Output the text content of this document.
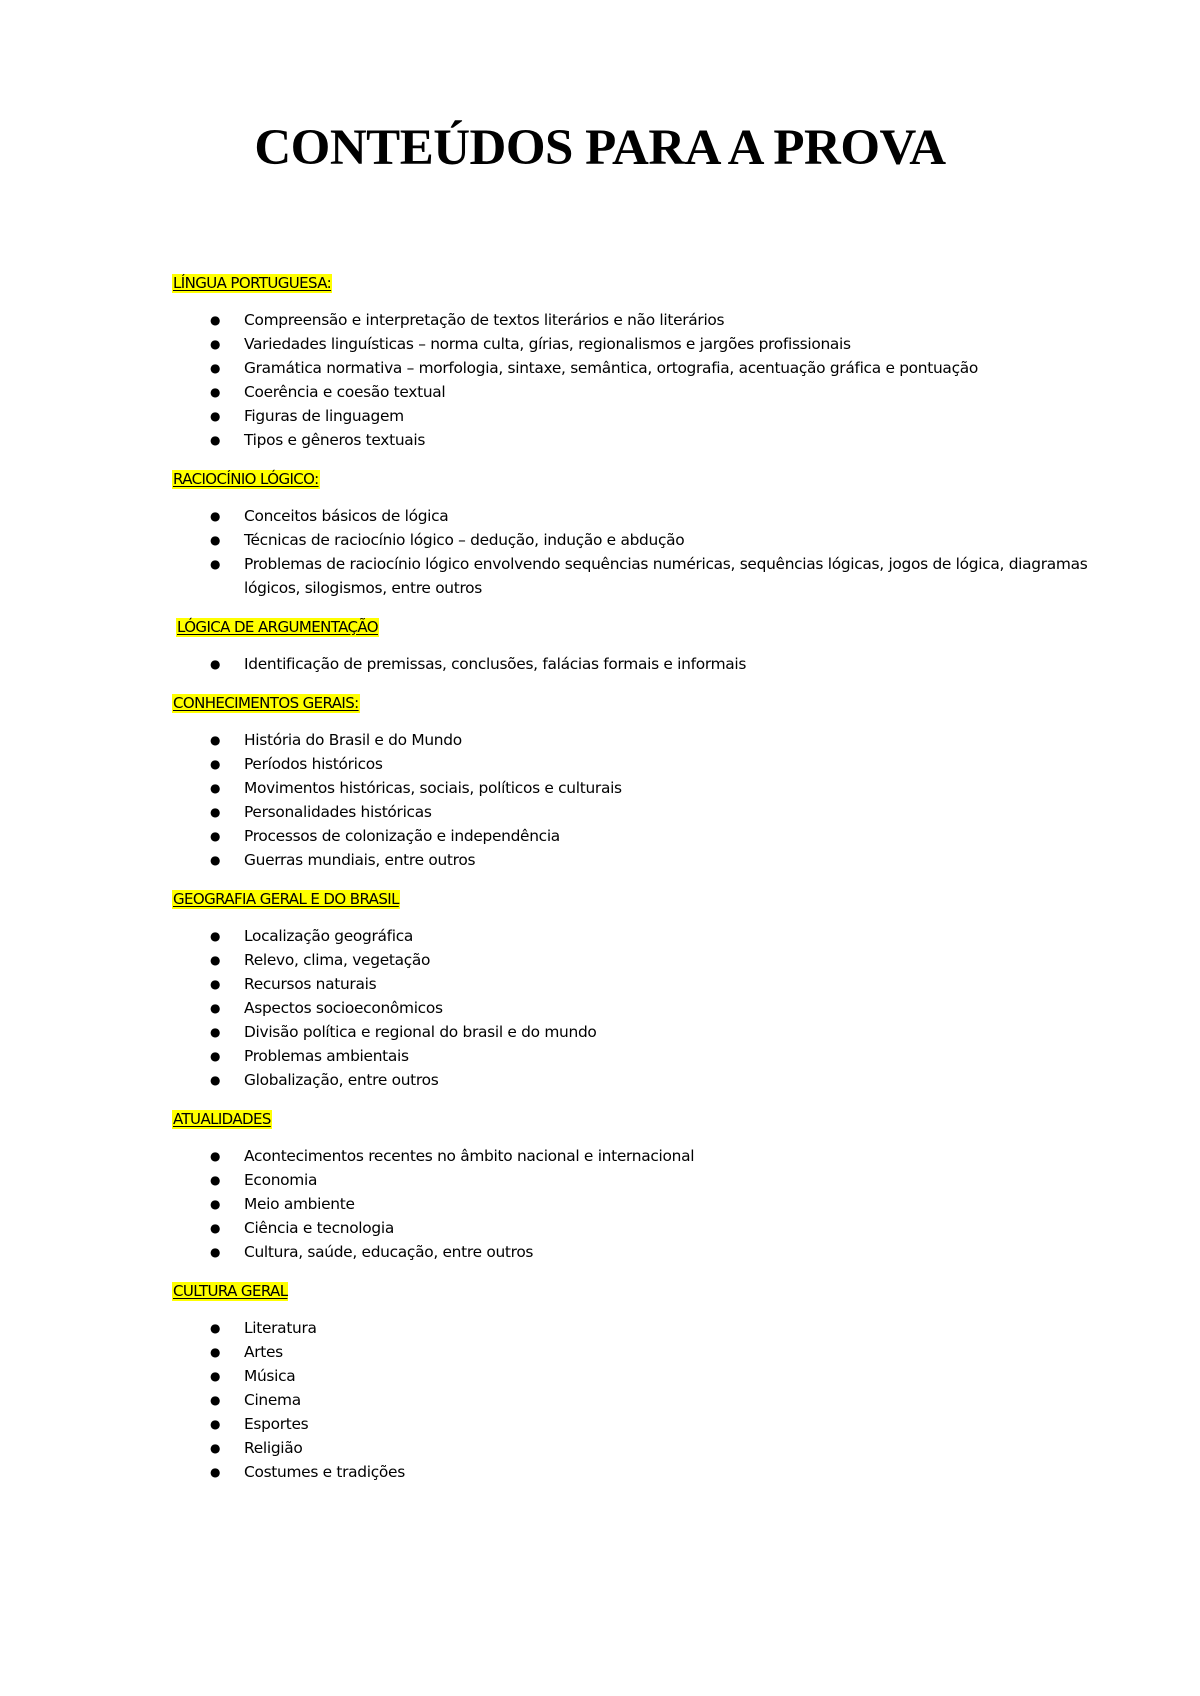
CONTEÚDOS PARA A PROVA
LÍNGUA PORTUGUESA:
● Compreensão e interpretação de textos literários e não literários
● Variedades linguísticas – norma culta, gírias, regionalismos e jargões profissionais
● Gramática normativa – morfologia, sintaxe, semântica, ortografia, acentuação gráfica e pontuação
● Coerência e coesão textual
● Figuras de linguagem
● Tipos e gêneros textuais
RACIOCÍNIO LÓGICO:
● Conceitos básicos de lógica
● Técnicas de raciocínio lógico – dedução, indução e abdução
● Problemas de raciocínio lógico envolvendo sequências numéricas, sequências lógicas, jogos de lógica, diagramas lógicos, silogismos, entre outros
LÓGICA DE ARGUMENTAÇÃO
● Identificação de premissas, conclusões, falácias formais e informais
CONHECIMENTOS GERAIS:
● História do Brasil e do Mundo
● Períodos históricos
● Movimentos históricas, sociais, políticos e culturais
● Personalidades históricas
● Processos de colonização e independência
● Guerras mundiais, entre outros
GEOGRAFIA GERAL E DO BRASIL
● Localização geográfica
● Relevo, clima, vegetação
● Recursos naturais
● Aspectos socioeconômicos
● Divisão política e regional do brasil e do mundo
● Problemas ambientais
● Globalização, entre outros
ATUALIDADES
● Acontecimentos recentes no âmbito nacional e internacional
● Economia
● Meio ambiente
● Ciência e tecnologia
● Cultura, saúde, educação, entre outros
CULTURA GERAL
● Literatura
● Artes
● Música
● Cinema
● Esportes
● Religião
● Costumes e tradições
